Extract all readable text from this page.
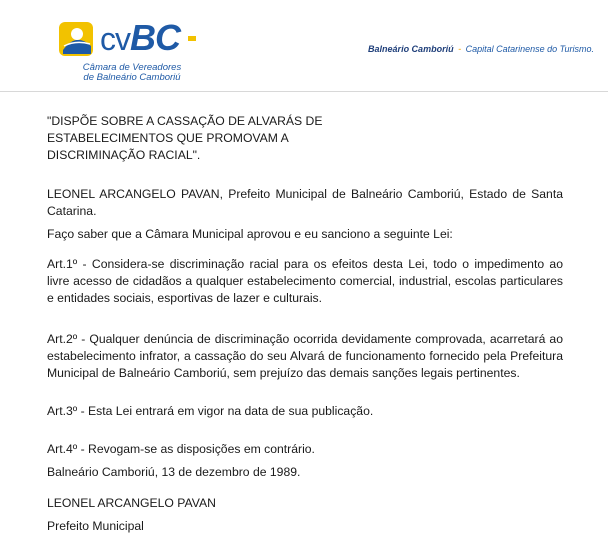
cvBC
Câmara de Vereadores
de Balneário Camboriú
Balneário Camboriú - Capital Catarinense do Turismo.
"DISPÕE SOBRE A CASSAÇÃO DE ALVARÁS DE
ESTABELECIMENTOS QUE PROMOVAM A
DISCRIMINAÇÃO RACIAL".
LEONEL ARCANGELO PAVAN, Prefeito Municipal de Balneário Camboriú, Estado de Santa Catarina.
Faço saber que a Câmara Municipal aprovou e eu sanciono a seguinte Lei:
Art.1º - Considera-se discriminação racial para os efeitos desta Lei, todo o impedimento ao livre acesso de cidadãos a qualquer estabelecimento comercial, industrial, escolas particulares e entidades sociais, esportivas de lazer e culturais.
Art.2º - Qualquer denúncia de discriminação ocorrida devidamente comprovada, acarretará ao estabelecimento infrator, a cassação do seu Alvará de funcionamento fornecido pela Prefeitura Municipal de Balneário Camboriú, sem prejuízo das demais sanções legais pertinentes.
Art.3º - Esta Lei entrará em vigor na data de sua publicação.
Art.4º - Revogam-se as disposições em contrário.
Balneário Camboriú, 13 de dezembro de 1989.
LEONEL ARCANGELO PAVAN
Prefeito Municipal
